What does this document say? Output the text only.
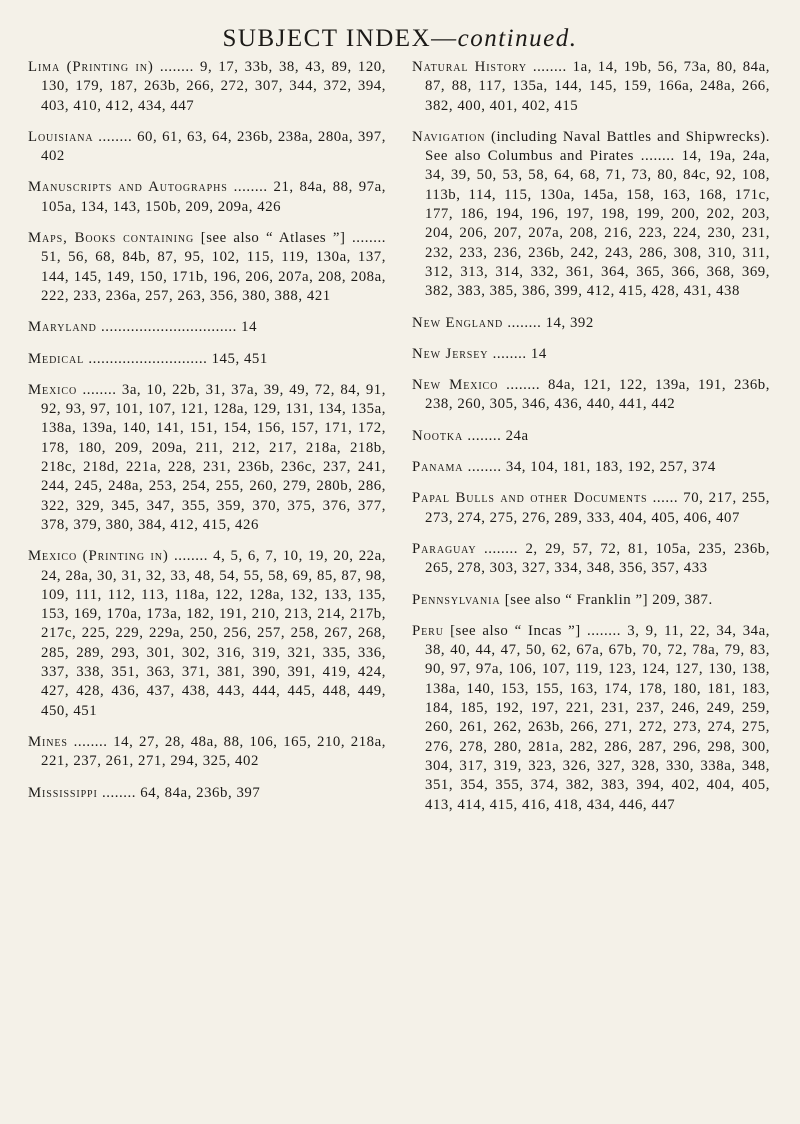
SUBJECT INDEX—continued.
Lima (Printing in) ........ 9, 17, 33b, 38, 43, 89, 120, 130, 179, 187, 263b, 266, 272, 307, 344, 372, 394, 403, 410, 412, 434, 447
Louisiana ........ 60, 61, 63, 64, 236b, 238a, 280a, 397, 402
Manuscripts and Autographs ........ 21, 84a, 88, 97a, 105a, 134, 143, 150b, 209, 209a, 426
Maps, Books containing [see also “ Atlases ”] ........ 51, 56, 68, 84b, 87, 95, 102, 115, 119, 130a, 137, 144, 145, 149, 150, 171b, 196, 206, 207a, 208, 208a, 222, 233, 236a, 257, 263, 356, 380, 388, 421
Maryland ................................ 14
Medical ............................ 145, 451
Mexico ........ 3a, 10, 22b, 31, 37a, 39, 49, 72, 84, 91, 92, 93, 97, 101, 107, 121, 128a, 129, 131, 134, 135a, 138a, 139a, 140, 141, 151, 154, 156, 157, 171, 172, 178, 180, 209, 209a, 211, 212, 217, 218a, 218b, 218c, 218d, 221a, 228, 231, 236b, 236c, 237, 241, 244, 245, 248a, 253, 254, 255, 260, 279, 280b, 286, 322, 329, 345, 347, 355, 359, 370, 375, 376, 377, 378, 379, 380, 384, 412, 415, 426
Mexico (Printing in) ........ 4, 5, 6, 7, 10, 19, 20, 22a, 24, 28a, 30, 31, 32, 33, 48, 54, 55, 58, 69, 85, 87, 98, 109, 111, 112, 113, 118a, 122, 128a, 132, 133, 135, 153, 169, 170a, 173a, 182, 191, 210, 213, 214, 217b, 217c, 225, 229, 229a, 250, 256, 257, 258, 267, 268, 285, 289, 293, 301, 302, 316, 319, 321, 335, 336, 337, 338, 351, 363, 371, 381, 390, 391, 419, 424, 427, 428, 436, 437, 438, 443, 444, 445, 448, 449, 450, 451
Mines ........ 14, 27, 28, 48a, 88, 106, 165, 210, 218a, 221, 237, 261, 271, 294, 325, 402
Mississippi ........ 64, 84a, 236b, 397
Natural History ........ 1a, 14, 19b, 56, 73a, 80, 84a, 87, 88, 117, 135a, 144, 145, 159, 166a, 248a, 266, 382, 400, 401, 402, 415
Navigation (including Naval Battles and Shipwrecks). See also Columbus and Pirates ........ 14, 19a, 24a, 34, 39, 50, 53, 58, 64, 68, 71, 73, 80, 84c, 92, 108, 113b, 114, 115, 130a, 145a, 158, 163, 168, 171c, 177, 186, 194, 196, 197, 198, 199, 200, 202, 203, 204, 206, 207, 207a, 208, 216, 223, 224, 230, 231, 232, 233, 236, 236b, 242, 243, 286, 308, 310, 311, 312, 313, 314, 332, 361, 364, 365, 366, 368, 369, 382, 383, 385, 386, 399, 412, 415, 428, 431, 438
New England ........ 14, 392
New Jersey ........ 14
New Mexico ........ 84a, 121, 122, 139a, 191, 236b, 238, 260, 305, 346, 436, 440, 441, 442
Nootka ........ 24a
Panama ........ 34, 104, 181, 183, 192, 257, 374
Papal Bulls and other Documents ...... 70, 217, 255, 273, 274, 275, 276, 289, 333, 404, 405, 406, 407
Paraguay ........ 2, 29, 57, 72, 81, 105a, 235, 236b, 265, 278, 303, 327, 334, 348, 356, 357, 433
Pennsylvania [see also “ Franklin ”] 209, 387.
Peru [see also “ Incas ”] ........ 3, 9, 11, 22, 34, 34a, 38, 40, 44, 47, 50, 62, 67a, 67b, 70, 72, 78a, 79, 83, 90, 97, 97a, 106, 107, 119, 123, 124, 127, 130, 138, 138a, 140, 153, 155, 163, 174, 178, 180, 181, 183, 184, 185, 192, 197, 221, 231, 237, 246, 249, 259, 260, 261, 262, 263b, 266, 271, 272, 273, 274, 275, 276, 278, 280, 281a, 282, 286, 287, 296, 298, 300, 304, 317, 319, 323, 326, 327, 328, 330, 338a, 348, 351, 354, 355, 374, 382, 383, 394, 402, 404, 405, 413, 414, 415, 416, 418, 434, 446, 447
